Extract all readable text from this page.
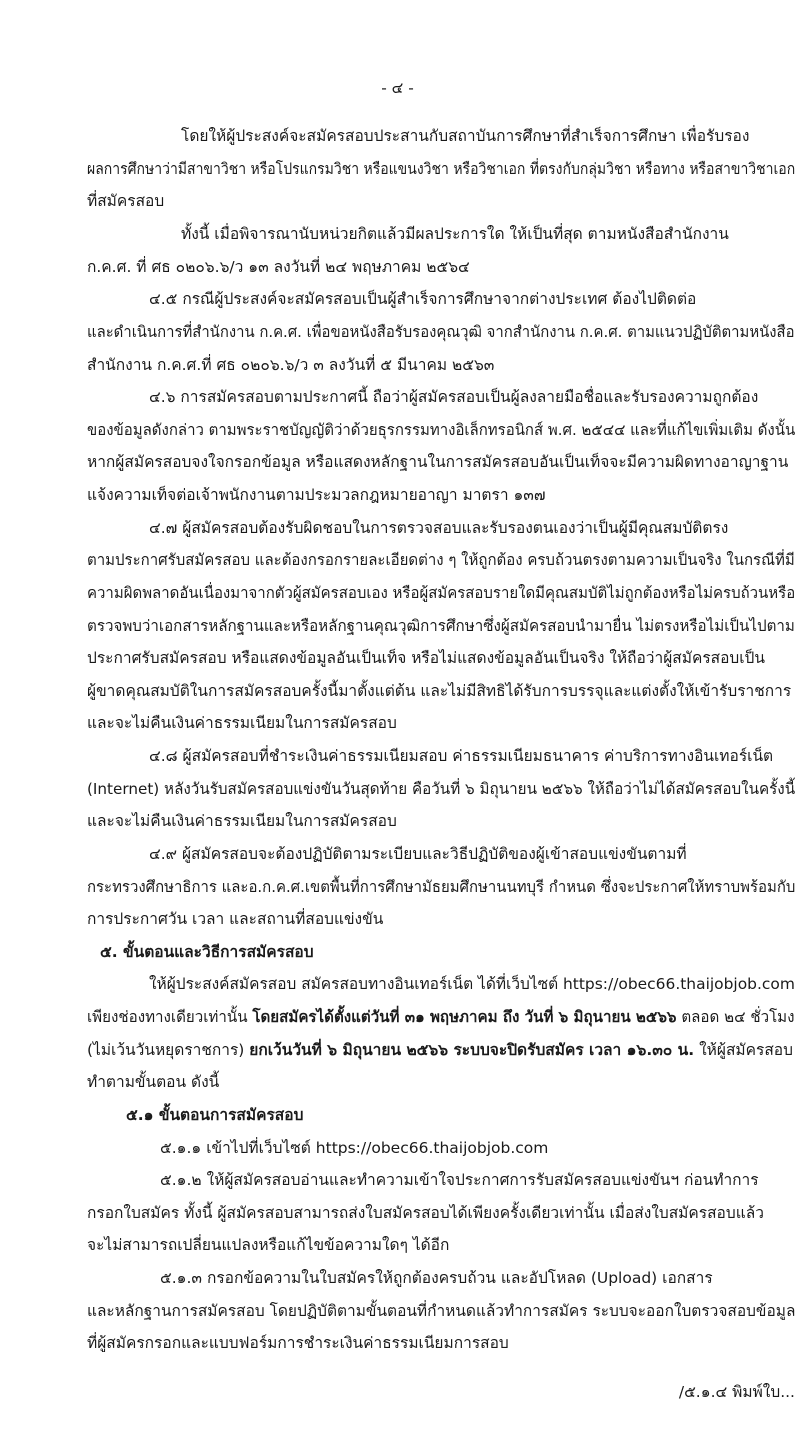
- ๔ -
โดยให้ผู้ประสงค์จะสมัครสอบประสานกับสถาบันการศึกษาที่สำเร็จการศึกษา เพื่อรับรอง
ผลการศึกษาว่ามีสาขาวิชา หรือโปรแกรมวิชา หรือแขนงวิชา หรือวิชาเอก ที่ตรงกับกลุ่มวิชา หรือทาง หรือสาขาวิชาเอก
ที่สมัครสอบ
ทั้งนี้ เมื่อพิจารณานับหน่วยกิตแล้วมีผลประการใด ให้เป็นที่สุด ตามหนังสือสำนักงาน
ก.ค.ศ. ที่ ศธ ๐๒๐๖.๖/ว ๑๓ ลงวันที่ ๒๔ พฤษภาคม ๒๕๖๔
๔.๕ กรณีผู้ประสงค์จะสมัครสอบเป็นผู้สำเร็จการศึกษาจากต่างประเทศ ต้องไปติดต่อ
และดำเนินการที่สำนักงาน ก.ค.ศ. เพื่อขอหนังสือรับรองคุณวุฒิ จากสำนักงาน ก.ค.ศ. ตามแนวปฏิบัติตามหนังสือ
สำนักงาน ก.ค.ศ.ที่ ศธ ๐๒๐๖.๖/ว ๓ ลงวันที่ ๕ มีนาคม ๒๕๖๓
๔.๖ การสมัครสอบตามประกาศนี้ ถือว่าผู้สมัครสอบเป็นผู้ลงลายมือชื่อและรับรองความถูกต้อง
ของข้อมูลดังกล่าว ตามพระราชบัญญัติว่าด้วยธุรกรรมทางอิเล็กทรอนิกส์ พ.ศ. ๒๕๔๔ และที่แก้ไขเพิ่มเติม ดังนั้น
หากผู้สมัครสอบจงใจกรอกข้อมูล หรือแสดงหลักฐานในการสมัครสอบอันเป็นเท็จจะมีความผิดทางอาญาฐาน
แจ้งความเท็จต่อเจ้าพนักงานตามประมวลกฎหมายอาญา มาตรา ๑๓๗
๔.๗ ผู้สมัครสอบต้องรับผิดชอบในการตรวจสอบและรับรองตนเองว่าเป็นผู้มีคุณสมบัติตรง
ตามประกาศรับสมัครสอบ และต้องกรอกรายละเอียดต่าง ๆ ให้ถูกต้อง ครบถ้วนตรงตามความเป็นจริง ในกรณีที่มี
ความผิดพลาดอันเนื่องมาจากตัวผู้สมัครสอบเอง หรือผู้สมัครสอบรายใดมีคุณสมบัติไม่ถูกต้องหรือไม่ครบถ้วนหรือ
ตรวจพบว่าเอกสารหลักฐานและหรือหลักฐานคุณวุฒิการศึกษาซึ่งผู้สมัครสอบนำมายื่น ไม่ตรงหรือไม่เป็นไปตาม
ประกาศรับสมัครสอบ หรือแสดงข้อมูลอันเป็นเท็จ หรือไม่แสดงข้อมูลอันเป็นจริง ให้ถือว่าผู้สมัครสอบเป็น
ผู้ขาดคุณสมบัติในการสมัครสอบครั้งนี้มาตั้งแต่ต้น และไม่มีสิทธิได้รับการบรรจุและแต่งตั้งให้เข้ารับราชการ
และจะไม่คืนเงินค่าธรรมเนียมในการสมัครสอบ
๔.๘ ผู้สมัครสอบที่ชำระเงินค่าธรรมเนียมสอบ ค่าธรรมเนียมธนาคาร ค่าบริการทางอินเทอร์เน็ต
(Internet) หลังวันรับสมัครสอบแข่งขันวันสุดท้าย คือวันที่ ๖ มิถุนายน ๒๕๖๖ ให้ถือว่าไม่ได้สมัครสอบในครั้งนี้
และจะไม่คืนเงินค่าธรรมเนียมในการสมัครสอบ
๔.๙ ผู้สมัครสอบจะต้องปฏิบัติตามระเบียบและวิธีปฏิบัติของผู้เข้าสอบแข่งขันตามที่
กระทรวงศึกษาธิการ และอ.ก.ค.ศ.เขตพื้นที่การศึกษามัธยมศึกษานนทบุรี กำหนด ซึ่งจะประกาศให้ทราบพร้อมกับ
การประกาศวัน เวลา และสถานที่สอบแข่งขัน
๕. ขั้นตอนและวิธีการสมัครสอบ
ให้ผู้ประสงค์สมัครสอบ สมัครสอบทางอินเทอร์เน็ต ได้ที่เว็บไซต์ https://obec66.thaijobjob.com
เพียงช่องทางเดียวเท่านั้น โดยสมัครได้ตั้งแต่วันที่ ๓๑ พฤษภาคม ถึง วันที่ ๖ มิถุนายน ๒๕๖๖ ตลอด ๒๔ ชั่วโมง
(ไม่เว้นวันหยุดราชการ) ยกเว้นวันที่ ๖ มิถุนายน ๒๕๖๖ ระบบจะปิดรับสมัคร เวลา ๑๖.๓๐ น. ให้ผู้สมัครสอบ
ทำตามขั้นตอน ดังนี้
๕.๑ ขั้นตอนการสมัครสอบ
๕.๑.๑ เข้าไปที่เว็บไซต์ https://obec66.thaijobjob.com
๕.๑.๒ ให้ผู้สมัครสอบอ่านและทำความเข้าใจประกาศการรับสมัครสอบแข่งขันฯ ก่อนทำการ
กรอกใบสมัคร ทั้งนี้ ผู้สมัครสอบสามารถส่งใบสมัครสอบได้เพียงครั้งเดียวเท่านั้น เมื่อส่งใบสมัครสอบแล้ว
จะไม่สามารถเปลี่ยนแปลงหรือแก้ไขข้อความใดๆ ได้อีก
๕.๑.๓ กรอกข้อความในใบสมัครให้ถูกต้องครบถ้วน และอัปโหลด (Upload) เอกสาร
และหลักฐานการสมัครสอบ โดยปฏิบัติตามขั้นตอนที่กำหนดแล้วทำการสมัคร ระบบจะออกใบตรวจสอบข้อมูล
ที่ผู้สมัครกรอกและแบบฟอร์มการชำระเงินค่าธรรมเนียมการสอบ
/๕.๑.๔ พิมพ์ใบ...
